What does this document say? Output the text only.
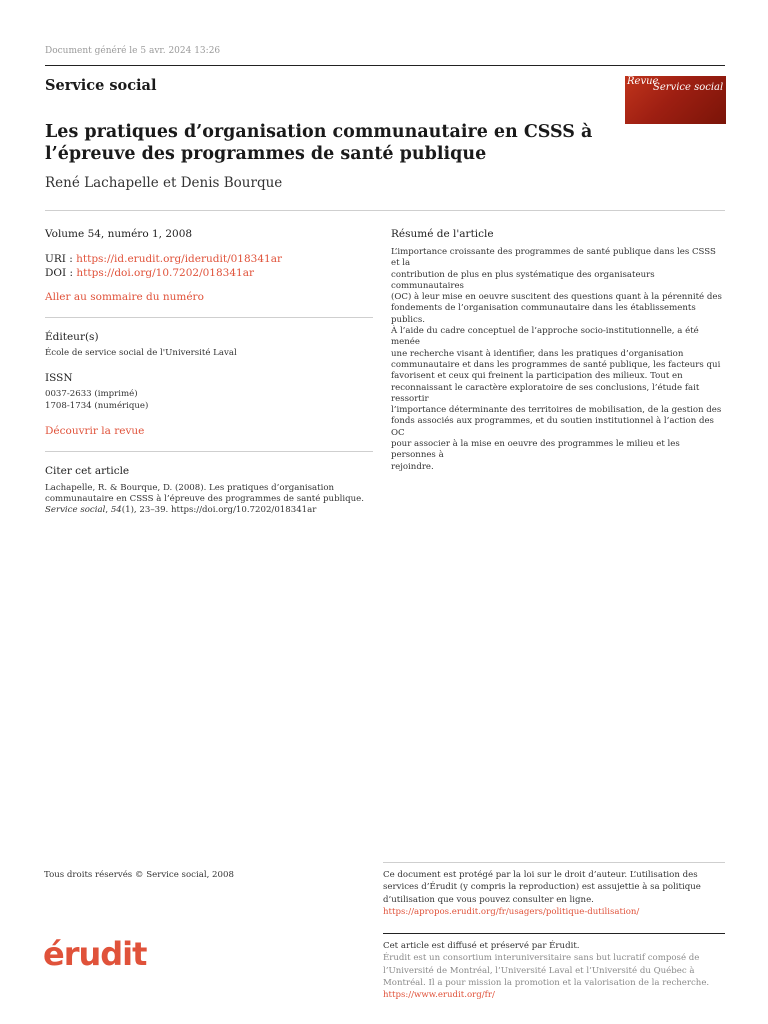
Document généré le 5 avr. 2024 13:26
Service social	Revue
Service social
Les pratiques d’organisation communautaire en CSSS à
l’épreuve des programmes de santé publique
René Lachapelle et Denis Bourque
Volume 54, numéro 1, 2008
URI : https://id.erudit.org/iderudit/018341ar
DOI : https://doi.org/10.7202/018341ar
Aller au sommaire du numéro
Éditeur(s)
École de service social de l'Université Laval
ISSN
0037-2633 (imprimé)
1708-1734 (numérique)
Découvrir la revue
Citer cet article
Lachapelle, R. & Bourque, D. (2008). Les pratiques d’organisation
communautaire en CSSS à l’épreuve des programmes de santé publique.
Service social, 54(1), 23–39. https://doi.org/10.7202/018341ar
Résumé de l'article
L’importance croissante des programmes de santé publique dans les CSSS et la
contribution de plus en plus systématique des organisateurs communautaires
(OC) à leur mise en oeuvre suscitent des questions quant à la pérennité des
fondements de l’organisation communautaire dans les établissements publics.
À l’aide du cadre conceptuel de l’approche socio-institutionnelle, a été menée
une recherche visant à identifier, dans les pratiques d’organisation
communautaire et dans les programmes de santé publique, les facteurs qui
favorisent et ceux qui freinent la participation des milieux. Tout en
reconnaissant le caractère exploratoire de ses conclusions, l’étude fait ressortir
l’importance déterminante des territoires de mobilisation, de la gestion des
fonds associés aux programmes, et du soutien institutionnel à l’action des OC
pour associer à la mise en oeuvre des programmes le milieu et les personnes à
rejoindre.
Tous droits réservés © Service social, 2008	Ce document est protégé par la loi sur le droit d’auteur. L’utilisation des
services d’Érudit (y compris la reproduction) est assujettie à sa politique
d’utilisation que vous pouvez consulter en ligne.
https://apropos.erudit.org/fr/usagers/politique-dutilisation/
érudit	Cet article est diffusé et préservé par Érudit.
Érudit est un consortium interuniversitaire sans but lucratif composé de
l’Université de Montréal, l’Université Laval et l’Université du Québec à
Montréal. Il a pour mission la promotion et la valorisation de la recherche.
https://www.erudit.org/fr/
